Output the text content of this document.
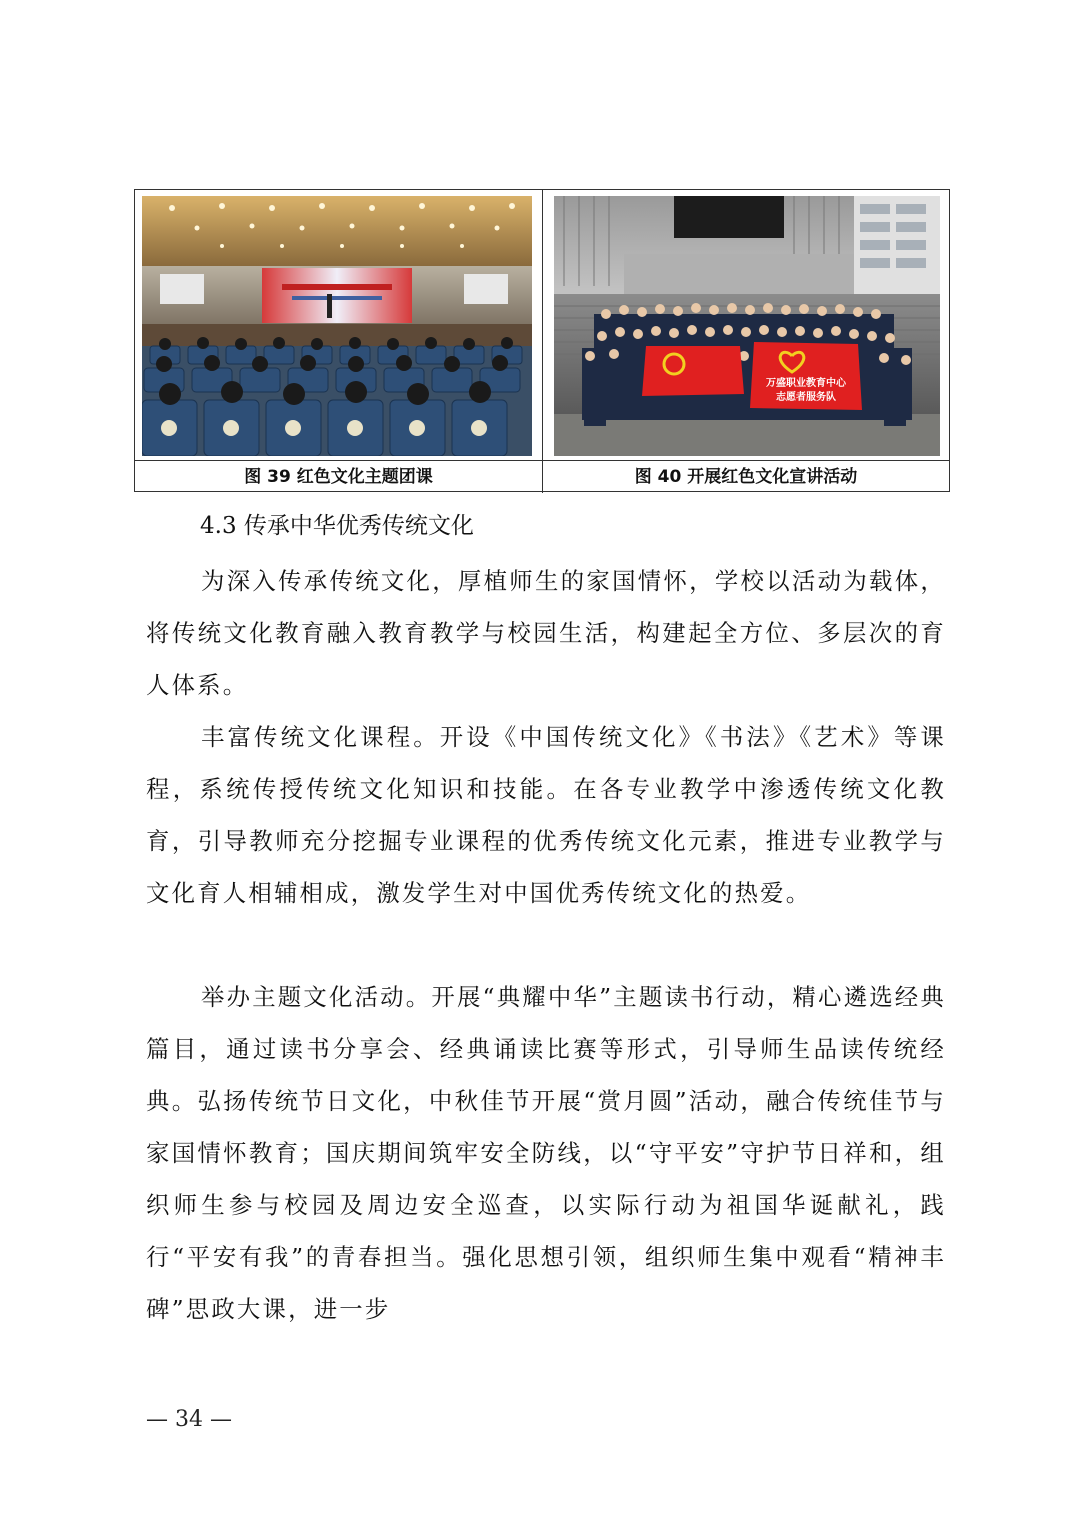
图 39 红色文化主题团课
万盛职业教育中心
志愿者服务队
图 40 开展红色文化宣讲活动
4.3 传承中华优秀传统文化

为深入传承传统文化，厚植师生的家国情怀，学校以活动为载体，将传统文化教育融入教育教学与校园生活，构建起全方位、多层次的育人体系。

丰富传统文化课程。开设《中国传统文化》《书法》《艺术》等课程，系统传授传统文化知识和技能。在各专业教学中渗透传统文化教育，引导教师充分挖掘专业课程的优秀传统文化元素，推进专业教学与文化育人相辅相成，激发学生对中国优秀传统文化的热爱。

举办主题文化活动。开展“典耀中华”主题读书行动，精心遴选经典篇目，通过读书分享会、经典诵读比赛等形式，引导师生品读传统经典。弘扬传统节日文化，中秋佳节开展“赏月圆”活动，融合传统佳节与家国情怀教育；国庆期间筑牢安全防线，以“守平安”守护节日祥和，组织师生参与校园及周边安全巡查，以实际行动为祖国华诞献礼，践行“平安有我”的青春担当。强化思想引领，组织师生集中观看“精神丰碑”思政大课，进一步

— 34 —
